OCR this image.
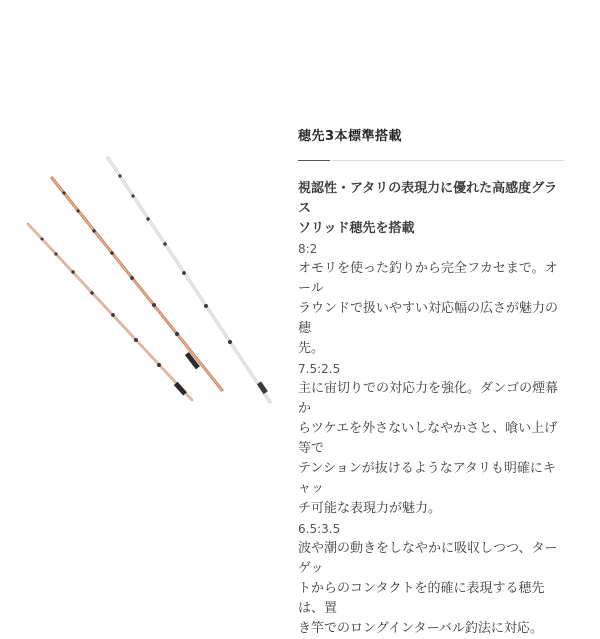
穂先3本標準搭載
視認性・アタリの表現力に優れた高感度グラス
ソリッド穂先を搭載
8:2
オモリを使った釣りから完全フカセまで。オール
ラウンドで扱いやすい対応幅の広さが魅力の穂
先。
7.5:2.5
主に宙切りでの対応力を強化。ダンゴの煙幕か
らツケエを外さないしなやかさと、喰い上げ等で
テンションが抜けるようなアタリも明確にキャッ
チ可能な表現力が魅力。
6.5:3.5
波や潮の動きをしなやかに吸収しつつ、ターゲッ
トからのコンタクトを的確に表現する穂先は、置
き竿でのロングインターバル釣法に対応。
